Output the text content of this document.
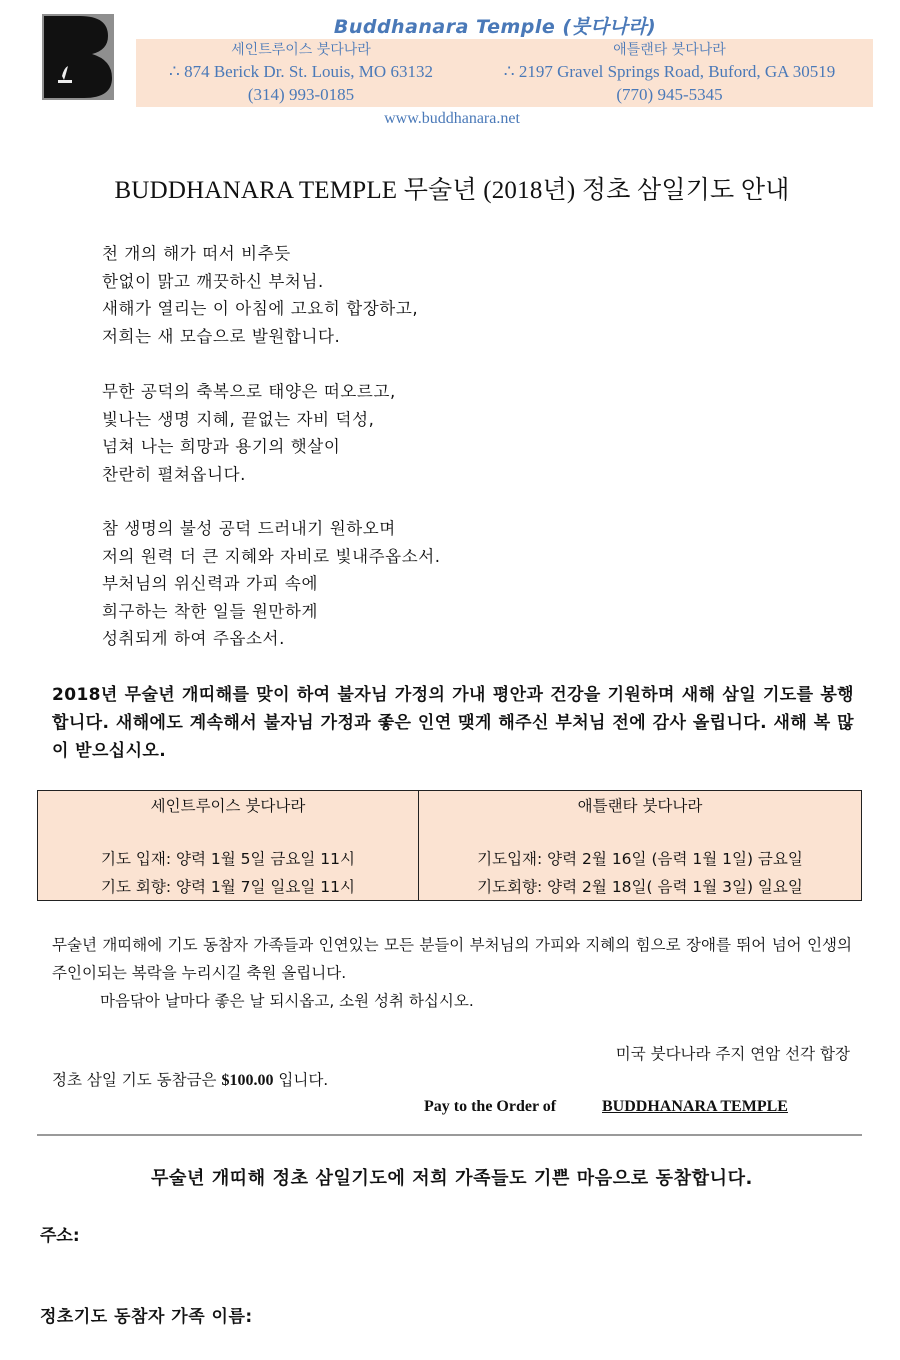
Buddhanara Temple (붓다나라)
세인트루이스 붓다나라
∴ 874 Berick Dr. St. Louis, MO 63132
(314) 993-0185
애틀랜타 붓다나라
∴ 2197 Gravel Springs Road, Buford, GA 30519
(770) 945-5345
www.buddhanara.net
BUDDHANARA TEMPLE 무술년 (2018년) 정초 삼일기도 안내
천 개의 해가 떠서 비추듯
한없이 맑고 깨끗하신 부처님.
새해가 열리는 이 아침에 고요히 합장하고,
저희는 새 모습으로 발원합니다.
무한 공덕의 축복으로 태양은 떠오르고,
빛나는 생명 지혜, 끝없는 자비 덕성,
넘쳐 나는 희망과 용기의 햇살이
찬란히 펼쳐옵니다.
참 생명의 불성 공덕 드러내기 원하오며
저의 원력 더 큰 지혜와 자비로 빛내주옵소서.
부처님의 위신력과 가피 속에
희구하는 착한 일들 원만하게
성취되게 하여 주옵소서.
2018년 무술년 개띠해를 맞이 하여 불자님 가정의 가내 평안과 건강을 기원하며 새해 삼일 기도를 봉행 합니다. 새해에도 계속해서 불자님 가정과 좋은 인연 맺게 해주신 부처님 전에 감사 올립니다. 새해 복 많이 받으십시오.
세인트루이스 붓다나라
기도 입재: 양력 1월 5일 금요일 11시
기도 회향: 양력 1월 7일 일요일 11시
애틀랜타 붓다나라
기도입재: 양력 2월 16일 (음력 1월 1일) 금요일
기도회향: 양력 2월 18일( 음력 1월 3일) 일요일
무술년 개띠해에 기도 동참자 가족들과 인연있는 모든 분들이 부처님의 가피와 지혜의 힘으로 장애를 뛰어 넘어 인생의 주인이되는 복락을 누리시길 축원 올립니다.
마음닦아 날마다 좋은 날 되시옵고, 소원 성취 하십시오.
미국 붓다나라 주지 연암 선각 합장
정초 삼일 기도 동참금은 $100.00 입니다.
Pay to the Order of	BUDDHANARA TEMPLE
무술년 개띠해 정초 삼일기도에 저희 가족들도 기쁜 마음으로 동참합니다.
주소:
정초기도 동참자 가족 이름:
